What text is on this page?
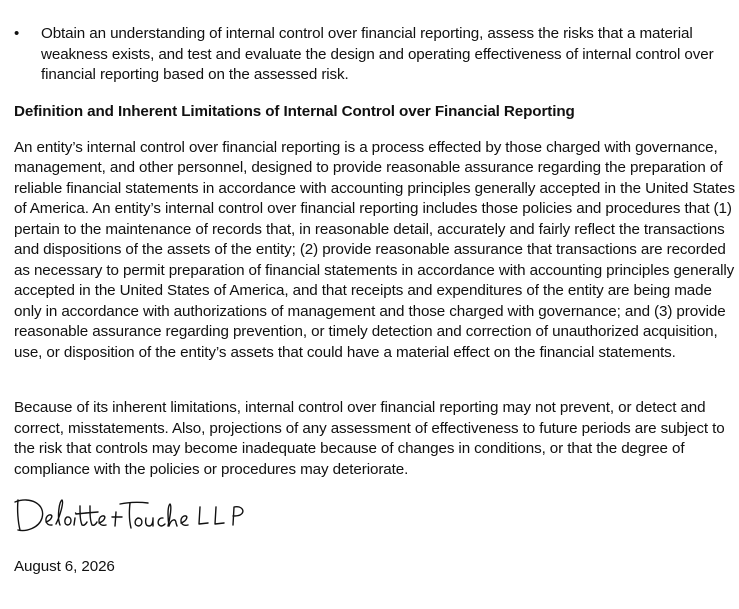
•	Obtain an understanding of internal control over financial reporting, assess the risks that a material weakness exists, and test and evaluate the design and operating effectiveness of internal control over financial reporting based on the assessed risk.
Definition and Inherent Limitations of Internal Control over Financial Reporting
An entity’s internal control over financial reporting is a process effected by those charged with governance, management, and other personnel, designed to provide reasonable assurance regarding the preparation of reliable financial statements in accordance with accounting principles generally accepted in the United States of America. An entity’s internal control over financial reporting includes those policies and procedures that (1) pertain to the maintenance of records that, in reasonable detail, accurately and fairly reflect the transactions and dispositions of the assets of the entity; (2) provide reasonable assurance that transactions are recorded as necessary to permit preparation of financial statements in accordance with accounting principles generally accepted in the United States of America, and that receipts and expenditures of the entity are being made only in accordance with authorizations of management and those charged with governance; and (3) provide reasonable assurance regarding prevention, or timely detection and correction of unauthorized acquisition, use, or disposition of the entity’s assets that could have a material effect on the financial statements.
Because of its inherent limitations, internal control over financial reporting may not prevent, or detect and correct, misstatements. Also, projections of any assessment of effectiveness to future periods are subject to the risk that controls may become inadequate because of changes in conditions, or that the degree of compliance with the policies or procedures may deteriorate.
August 6, 2026
